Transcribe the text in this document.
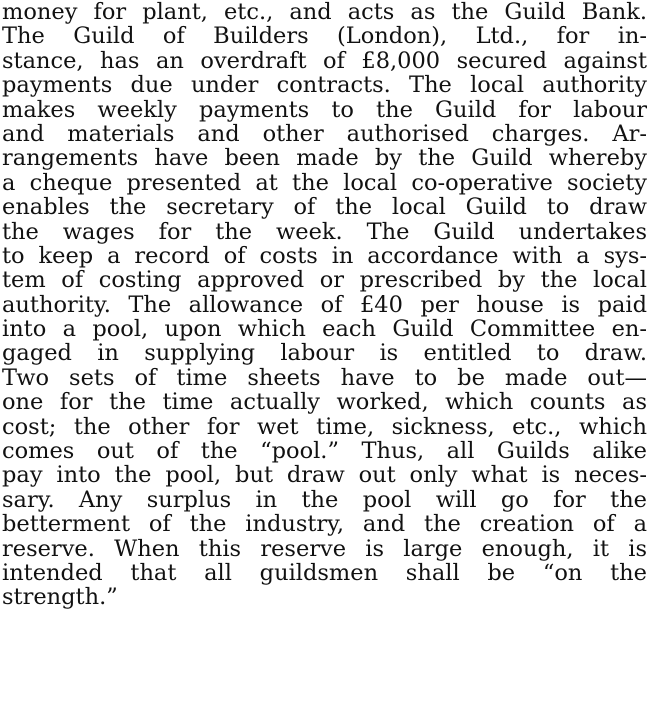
money for plant, etc., and acts as the Guild Bank.
The Guild of Builders (London), Ltd., for in-
stance, has an overdraft of £8,000 secured against
payments due under contracts. The local authority
makes weekly payments to the Guild for labour
and materials and other authorised charges. Ar-
rangements have been made by the Guild whereby
a cheque presented at the local co-operative society
enables the secretary of the local Guild to draw
the wages for the week. The Guild undertakes
to keep a record of costs in accordance with a sys-
tem of costing approved or prescribed by the local
authority. The allowance of £40 per house is paid
into a pool, upon which each Guild Committee en-
gaged in supplying labour is entitled to draw.
Two sets of time sheets have to be made out—
one for the time actually worked, which counts as
cost; the other for wet time, sickness, etc., which
comes out of the “pool.” Thus, all Guilds alike
pay into the pool, but draw out only what is neces-
sary. Any surplus in the pool will go for the
betterment of the industry, and the creation of a
reserve. When this reserve is large enough, it is
intended that all guildsmen shall be “on the
strength.”
